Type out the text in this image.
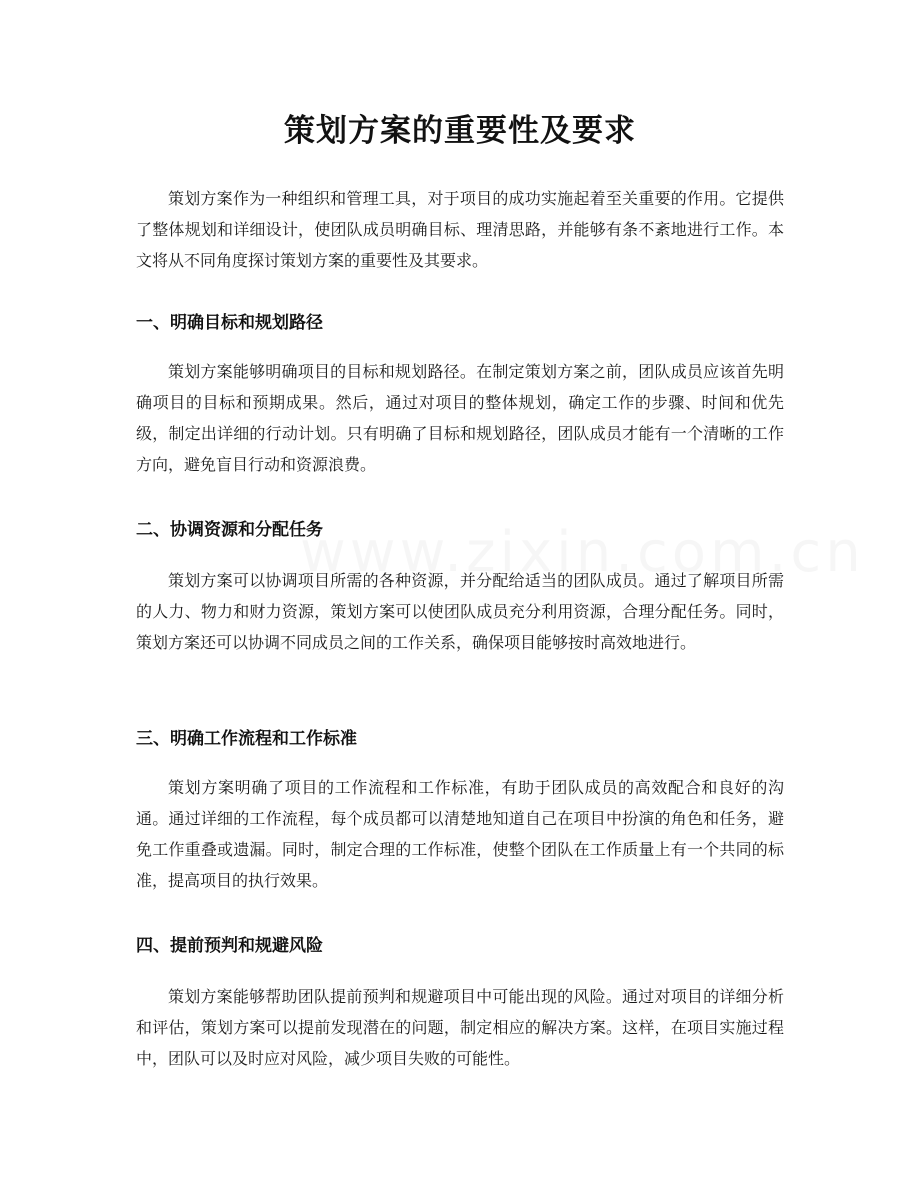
策划方案的重要性及要求

策划方案作为一种组织和管理工具，对于项目的成功实施起着至关重要的作用。它提供了整体规划和详细设计，使团队成员明确目标、理清思路，并能够有条不紊地进行工作。本文将从不同角度探讨策划方案的重要性及其要求。

一、明确目标和规划路径

策划方案能够明确项目的目标和规划路径。在制定策划方案之前，团队成员应该首先明确项目的目标和预期成果。然后，通过对项目的整体规划，确定工作的步骤、时间和优先级，制定出详细的行动计划。只有明确了目标和规划路径，团队成员才能有一个清晰的工作方向，避免盲目行动和资源浪费。

二、协调资源和分配任务

策划方案可以协调项目所需的各种资源，并分配给适当的团队成员。通过了解项目所需的人力、物力和财力资源，策划方案可以使团队成员充分利用资源，合理分配任务。同时，策划方案还可以协调不同成员之间的工作关系，确保项目能够按时高效地进行。

三、明确工作流程和工作标准

策划方案明确了项目的工作流程和工作标准，有助于团队成员的高效配合和良好的沟通。通过详细的工作流程，每个成员都可以清楚地知道自己在项目中扮演的角色和任务，避免工作重叠或遗漏。同时，制定合理的工作标准，使整个团队在工作质量上有一个共同的标准，提高项目的执行效果。

四、提前预判和规避风险

策划方案能够帮助团队提前预判和规避项目中可能出现的风险。通过对项目的详细分析和评估，策划方案可以提前发现潜在的问题，制定相应的解决方案。这样，在项目实施过程中，团队可以及时应对风险，减少项目失败的可能性。
